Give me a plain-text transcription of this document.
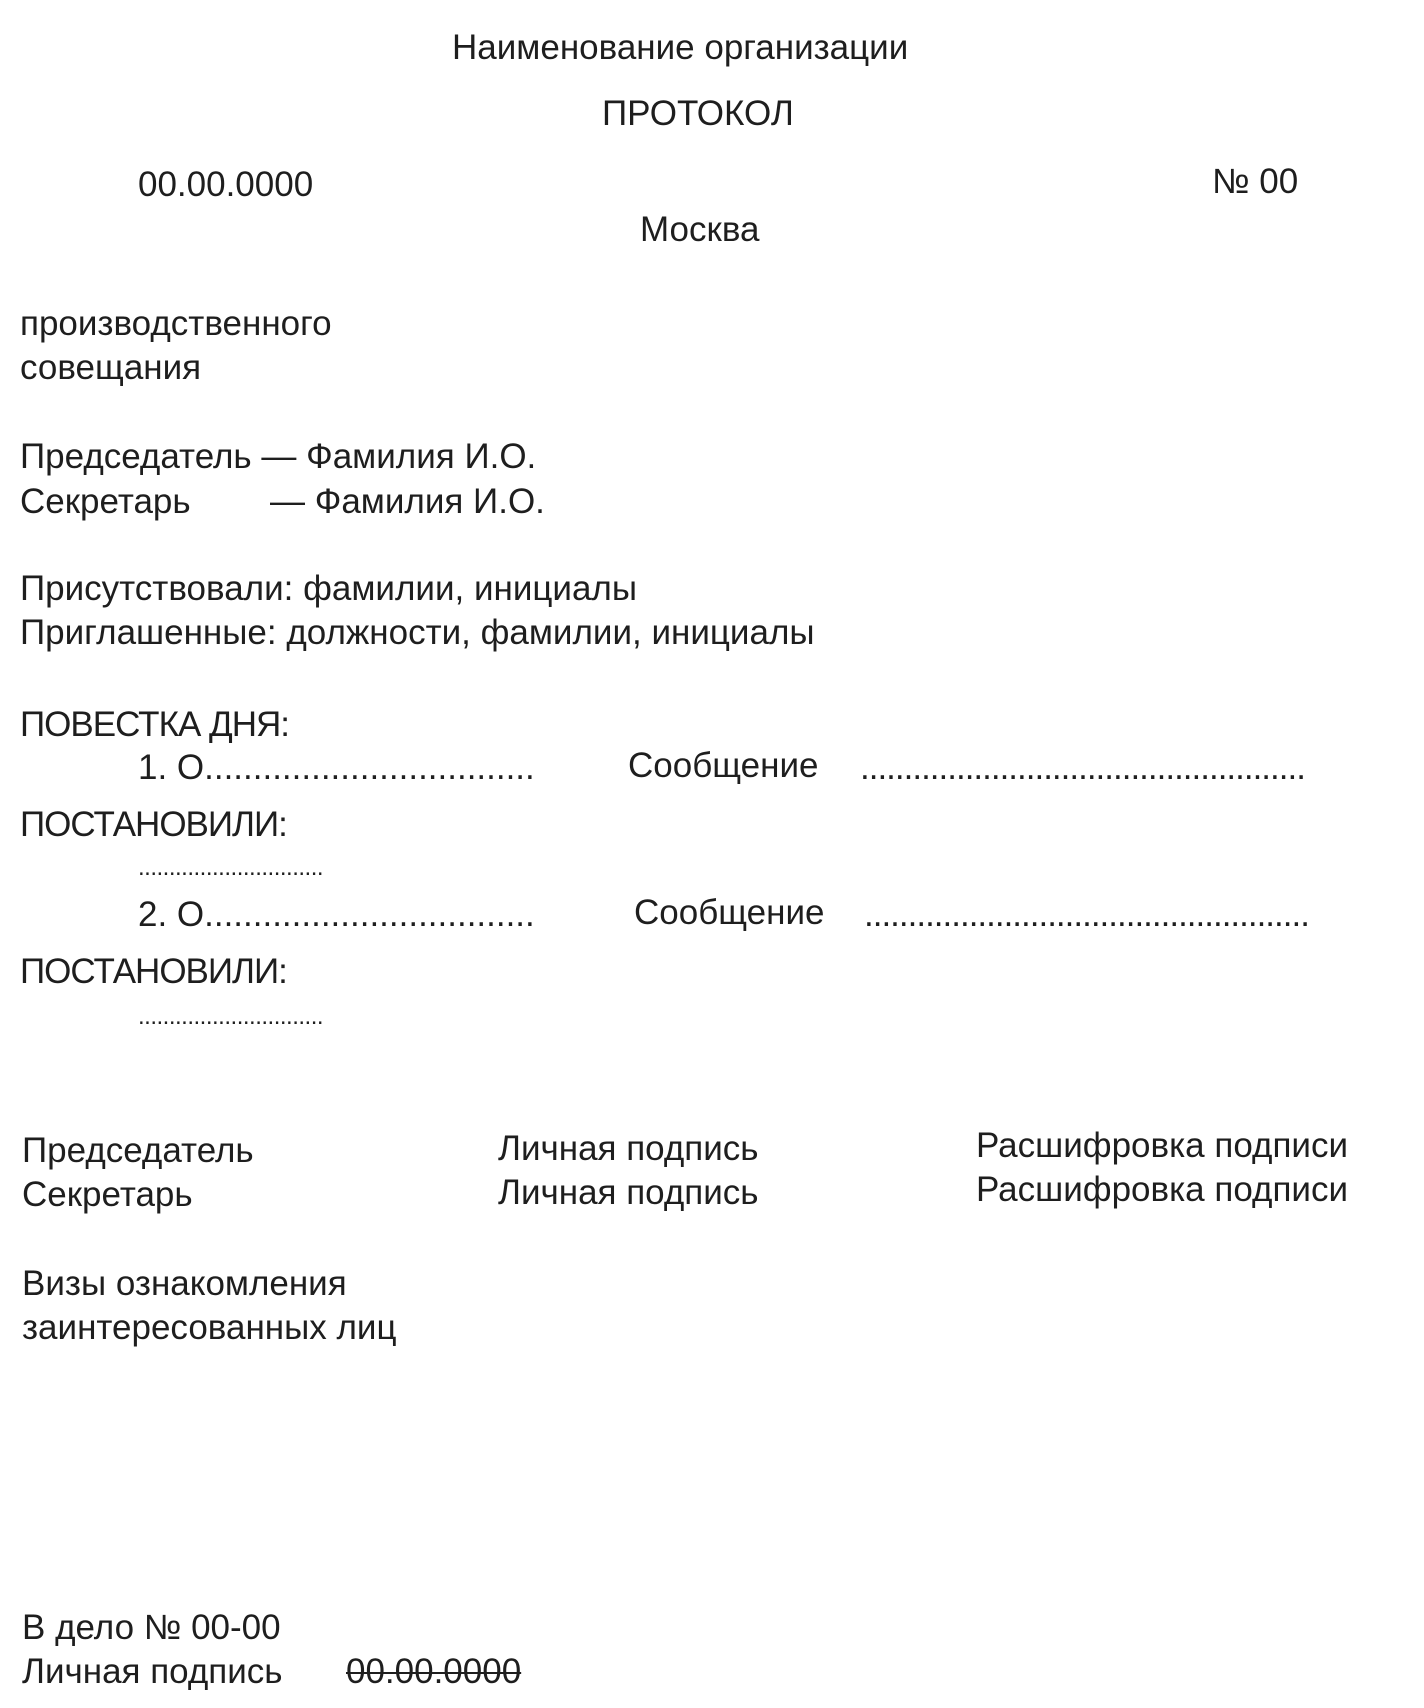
Наименование организации
ПРОТОКОЛ
00.00.0000	№ 00
Москва
производственного
совещания
Председатель — Фамилия И.О.
Секретарь — Фамилия И.О.
Присутствовали: фамилии, инициалы
Приглашенные: должности, фамилии, инициалы
ПОВЕСТКА ДНЯ:
1. О..................................	Сообщение ...................................................
ПОСТАНОВИЛИ:
..............................
2. О..................................	Сообщение ...................................................
ПОСТАНОВИЛИ:
..............................
Председатель	Личная подпись	Расшифровка подписи
Секретарь	Личная подпись	Расшифровка подписи
Визы ознакомления
заинтересованных лиц
В дело № 00-00
Личная подпись 00.00.0000
